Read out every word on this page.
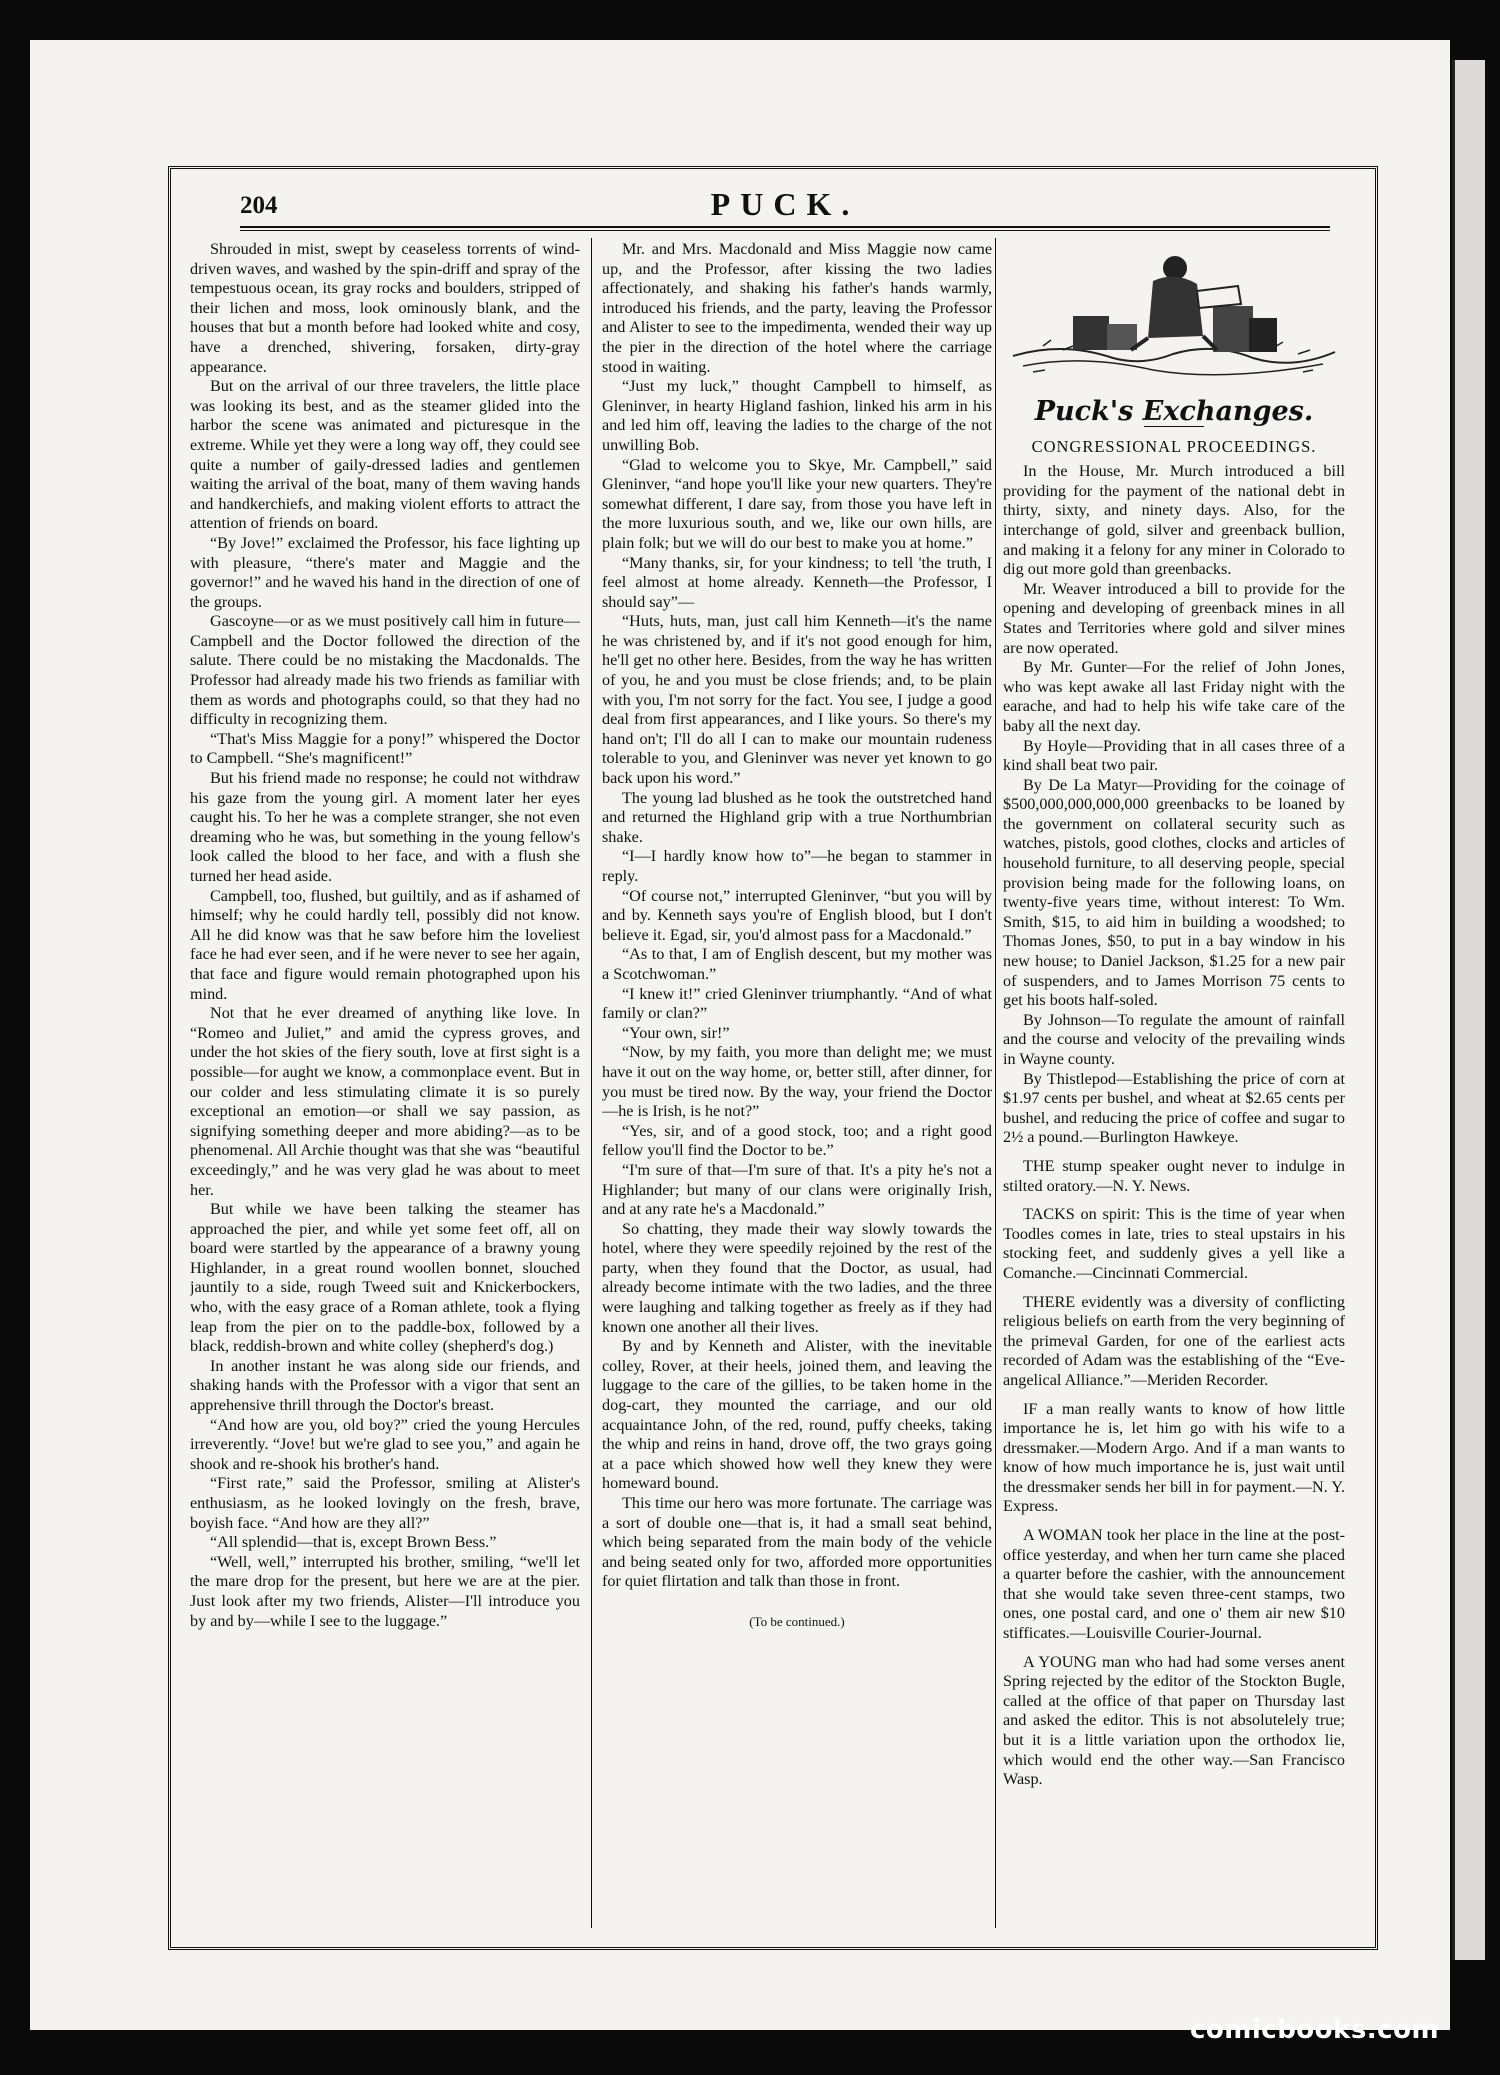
204	PUCK.

Shrouded in mist, swept by ceaseless torrents of wind-driven waves, and washed by the spin-driff and spray of the tempestuous ocean, its gray rocks and boulders, stripped of their lichen and moss, look ominously blank, and the houses that but a month before had looked white and cosy, have a drenched, shivering, forsaken, dirty-gray appearance.

But on the arrival of our three travelers, the little place was looking its best, and as the steamer glided into the harbor the scene was animated and picturesque in the extreme. While yet they were a long way off, they could see quite a number of gaily-dressed ladies and gentlemen waiting the arrival of the boat, many of them waving hands and handkerchiefs, and making violent efforts to attract the attention of friends on board.

“By Jove!” exclaimed the Professor, his face lighting up with pleasure, “there's mater and Maggie and the governor!” and he waved his hand in the direction of one of the groups.

Gascoyne—or as we must positively call him in future—Campbell and the Doctor followed the direction of the salute. There could be no mistaking the Macdonalds. The Professor had already made his two friends as familiar with them as words and photographs could, so that they had no difficulty in recognizing them.

“That's Miss Maggie for a pony!” whispered the Doctor to Campbell. “She's magnificent!”

But his friend made no response; he could not withdraw his gaze from the young girl. A moment later her eyes caught his. To her he was a complete stranger, she not even dreaming who he was, but something in the young fellow's look called the blood to her face, and with a flush she turned her head aside.

Campbell, too, flushed, but guiltily, and as if ashamed of himself; why he could hardly tell, possibly did not know. All he did know was that he saw before him the loveliest face he had ever seen, and if he were never to see her again, that face and figure would remain photographed upon his mind.

Not that he ever dreamed of anything like love. In “Romeo and Juliet,” and amid the cypress groves, and under the hot skies of the fiery south, love at first sight is a possible—for aught we know, a commonplace event. But in our colder and less stimulating climate it is so purely exceptional an emotion—or shall we say passion, as signifying something deeper and more abiding?—as to be phenomenal. All Archie thought was that she was “beautiful exceedingly,” and he was very glad he was about to meet her.

But while we have been talking the steamer has approached the pier, and while yet some feet off, all on board were startled by the appearance of a brawny young Highlander, in a great round woollen bonnet, slouched jauntily to a side, rough Tweed suit and Knickerbockers, who, with the easy grace of a Roman athlete, took a flying leap from the pier on to the paddle-box, followed by a black, reddish-brown and white colley (shepherd's dog.)

In another instant he was along side our friends, and shaking hands with the Professor with a vigor that sent an apprehensive thrill through the Doctor's breast.

“And how are you, old boy?” cried the young Hercules irreverently. “Jove! but we're glad to see you,” and again he shook and re-shook his brother's hand.

“First rate,” said the Professor, smiling at Alister's enthusiasm, as he looked lovingly on the fresh, brave, boyish face. “And how are they all?”

“All splendid—that is, except Brown Bess.”

“Well, well,” interrupted his brother, smiling, “we'll let the mare drop for the present, but here we are at the pier. Just look after my two friends, Alister—I'll introduce you by and by—while I see to the luggage.”

Mr. and Mrs. Macdonald and Miss Maggie now came up, and the Professor, after kissing the two ladies affectionately, and shaking his father's hands warmly, introduced his friends, and the party, leaving the Professor and Alister to see to the impedimenta, wended their way up the pier in the direction of the hotel where the carriage stood in waiting.

“Just my luck,” thought Campbell to himself, as Gleninver, in hearty Higland fashion, linked his arm in his and led him off, leaving the ladies to the charge of the not unwilling Bob.

“Glad to welcome you to Skye, Mr. Campbell,” said Gleninver, “and hope you'll like your new quarters. They're somewhat different, I dare say, from those you have left in the more luxurious south, and we, like our own hills, are plain folk; but we will do our best to make you at home.”

“Many thanks, sir, for your kindness; to tell 'the truth, I feel almost at home already. Kenneth—the Professor, I should say”—

“Huts, huts, man, just call him Kenneth—it's the name he was christened by, and if it's not good enough for him, he'll get no other here. Besides, from the way he has written of you, he and you must be close friends; and, to be plain with you, I'm not sorry for the fact. You see, I judge a good deal from first appearances, and I like yours. So there's my hand on't; I'll do all I can to make our mountain rudeness tolerable to you, and Gleninver was never yet known to go back upon his word.”

The young lad blushed as he took the outstretched hand and returned the Highland grip with a true Northumbrian shake.

“I—I hardly know how to”—he began to stammer in reply.

“Of course not,” interrupted Gleninver, “but you will by and by. Kenneth says you're of English blood, but I don't believe it. Egad, sir, you'd almost pass for a Macdonald.”

“As to that, I am of English descent, but my mother was a Scotchwoman.”

“I knew it!” cried Gleninver triumphantly. “And of what family or clan?”

“Your own, sir!”

“Now, by my faith, you more than delight me; we must have it out on the way home, or, better still, after dinner, for you must be tired now. By the way, your friend the Doctor—he is Irish, is he not?”

“Yes, sir, and of a good stock, too; and a right good fellow you'll find the Doctor to be.”

“I'm sure of that—I'm sure of that. It's a pity he's not a Highlander; but many of our clans were originally Irish, and at any rate he's a Macdonald.”

So chatting, they made their way slowly towards the hotel, where they were speedily rejoined by the rest of the party, when they found that the Doctor, as usual, had already become intimate with the two ladies, and the three were laughing and talking together as freely as if they had known one another all their lives.

By and by Kenneth and Alister, with the inevitable colley, Rover, at their heels, joined them, and leaving the luggage to the care of the gillies, to be taken home in the dog-cart, they mounted the carriage, and our old acquaintance John, of the red, round, puffy cheeks, taking the whip and reins in hand, drove off, the two grays going at a pace which showed how well they knew they were homeward bound.

This time our hero was more fortunate. The carriage was a sort of double one—that is, it had a small seat behind, which being separated from the main body of the vehicle and being seated only for two, afforded more opportunities for quiet flirtation and talk than those in front.

(To be continued.)

Puck's Exchanges.
CONGRESSIONAL PROCEEDINGS.

In the House, Mr. Murch introduced a bill providing for the payment of the national debt in thirty, sixty, and ninety days. Also, for the interchange of gold, silver and greenback bullion, and making it a felony for any miner in Colorado to dig out more gold than greenbacks.

Mr. Weaver introduced a bill to provide for the opening and developing of greenback mines in all States and Territories where gold and silver mines are now operated.

By Mr. Gunter—For the relief of John Jones, who was kept awake all last Friday night with the earache, and had to help his wife take care of the baby all the next day.

By Hoyle—Providing that in all cases three of a kind shall beat two pair.

By De La Matyr—Providing for the coinage of $500,000,000,000,000 greenbacks to be loaned by the government on collateral security such as watches, pistols, good clothes, clocks and articles of household furniture, to all deserving people, special provision being made for the following loans, on twenty-five years time, without interest: To Wm. Smith, $15, to aid him in building a woodshed; to Thomas Jones, $50, to put in a bay window in his new house; to Daniel Jackson, $1.25 for a new pair of suspenders, and to James Morrison 75 cents to get his boots half-soled.

By Johnson—To regulate the amount of rainfall and the course and velocity of the prevailing winds in Wayne county.

By Thistlepod—Establishing the price of corn at $1.97 cents per bushel, and wheat at $2.65 cents per bushel, and reducing the price of coffee and sugar to 2½ a pound.—Burlington Hawkeye.

THE stump speaker ought never to indulge in stilted oratory.—N. Y. News.

TACKS on spirit: This is the time of year when Toodles comes in late, tries to steal upstairs in his stocking feet, and suddenly gives a yell like a Comanche.—Cincinnati Commercial.

THERE evidently was a diversity of conflicting religious beliefs on earth from the very beginning of the primeval Garden, for one of the earliest acts recorded of Adam was the establishing of the “Eve-angelical Alliance.”—Meriden Recorder.

IF a man really wants to know of how little importance he is, let him go with his wife to a dressmaker.—Modern Argo. And if a man wants to know of how much importance he is, just wait until the dressmaker sends her bill in for payment.—N. Y. Express.

A WOMAN took her place in the line at the post-office yesterday, and when her turn came she placed a quarter before the cashier, with the announcement that she would take seven three-cent stamps, two ones, one postal card, and one o' them air new $10 stifficates.—Louisville Courier-Journal.

A YOUNG man who had had some verses anent Spring rejected by the editor of the Stockton Bugle, called at the office of that paper on Thursday last and asked the editor. This is not absolutelely true; but it is a little variation upon the orthodox lie, which would end the other way.—San Francisco Wasp.

comicbooks.com
